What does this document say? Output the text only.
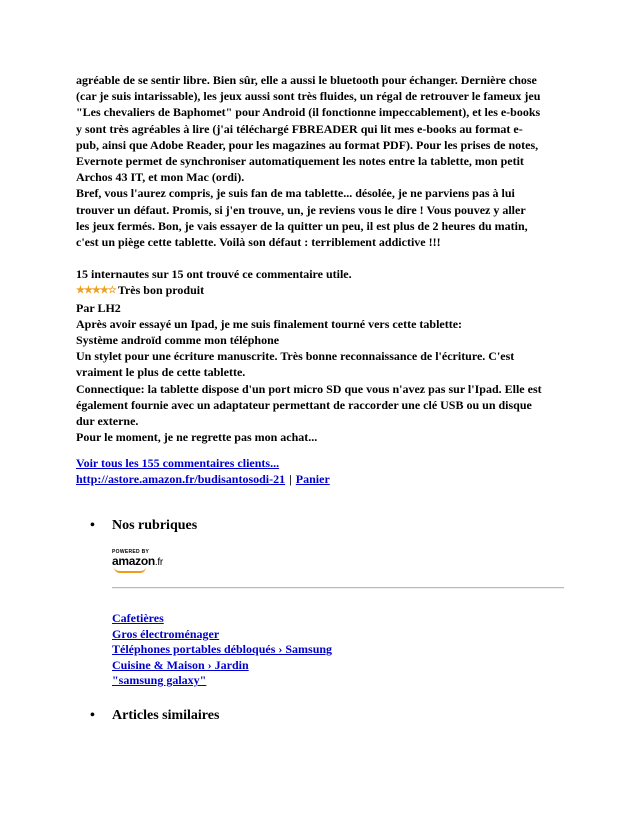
agréable de se sentir libre. Bien sûr, elle a aussi le bluetooth pour échanger. Dernière chose

(car je suis intarissable), les jeux aussi sont très fluides, un régal de retrouver le fameux jeu

"Les chevaliers de Baphomet" pour Android (il fonctionne impeccablement), et les e-books

y sont très agréables à lire (j'ai téléchargé FBREADER qui lit mes e-books au format e-

pub, ainsi que Adobe Reader, pour les magazines au format PDF). Pour les prises de notes,

Evernote permet de synchroniser automatiquement les notes entre la tablette, mon petit

Archos 43 IT, et mon Mac (ordi).

Bref, vous l'aurez compris, je suis fan de ma tablette... désolée, je ne parviens pas à lui

trouver un défaut. Promis, si j'en trouve, un, je reviens vous le dire ! Vous pouvez y aller

les jeux fermés. Bon, je vais essayer de la quitter un peu, il est plus de 2 heures du matin,

c'est un piège cette tablette. Voilà son défaut : terriblement addictive !!!

15 internautes sur 15 ont trouvé ce commentaire utile.

★★★★☆ Très bon produit

Par LH2

Après avoir essayé un Ipad, je me suis finalement tourné vers cette tablette:

Système androïd comme mon téléphone

Un stylet pour une écriture manuscrite. Très bonne reconnaissance de l'écriture. C'est

vraiment le plus de cette tablette.

Connectique: la tablette dispose d'un port micro SD que vous n'avez pas sur l'Ipad. Elle est

également fournie avec un adaptateur permettant de raccorder une clé USB ou un disque

dur externe.

Pour le moment, je ne regrette pas mon achat...

Voir tous les 155 commentaires clients...
http://astore.amazon.fr/budisantosodi-21 | Panier
• Nos rubriques
POWERED BY
amazon.fr
Cafetières
Gros électroménager
Téléphones portables débloqués › Samsung
Cuisine & Maison › Jardin
"samsung galaxy"
• Articles similaires
